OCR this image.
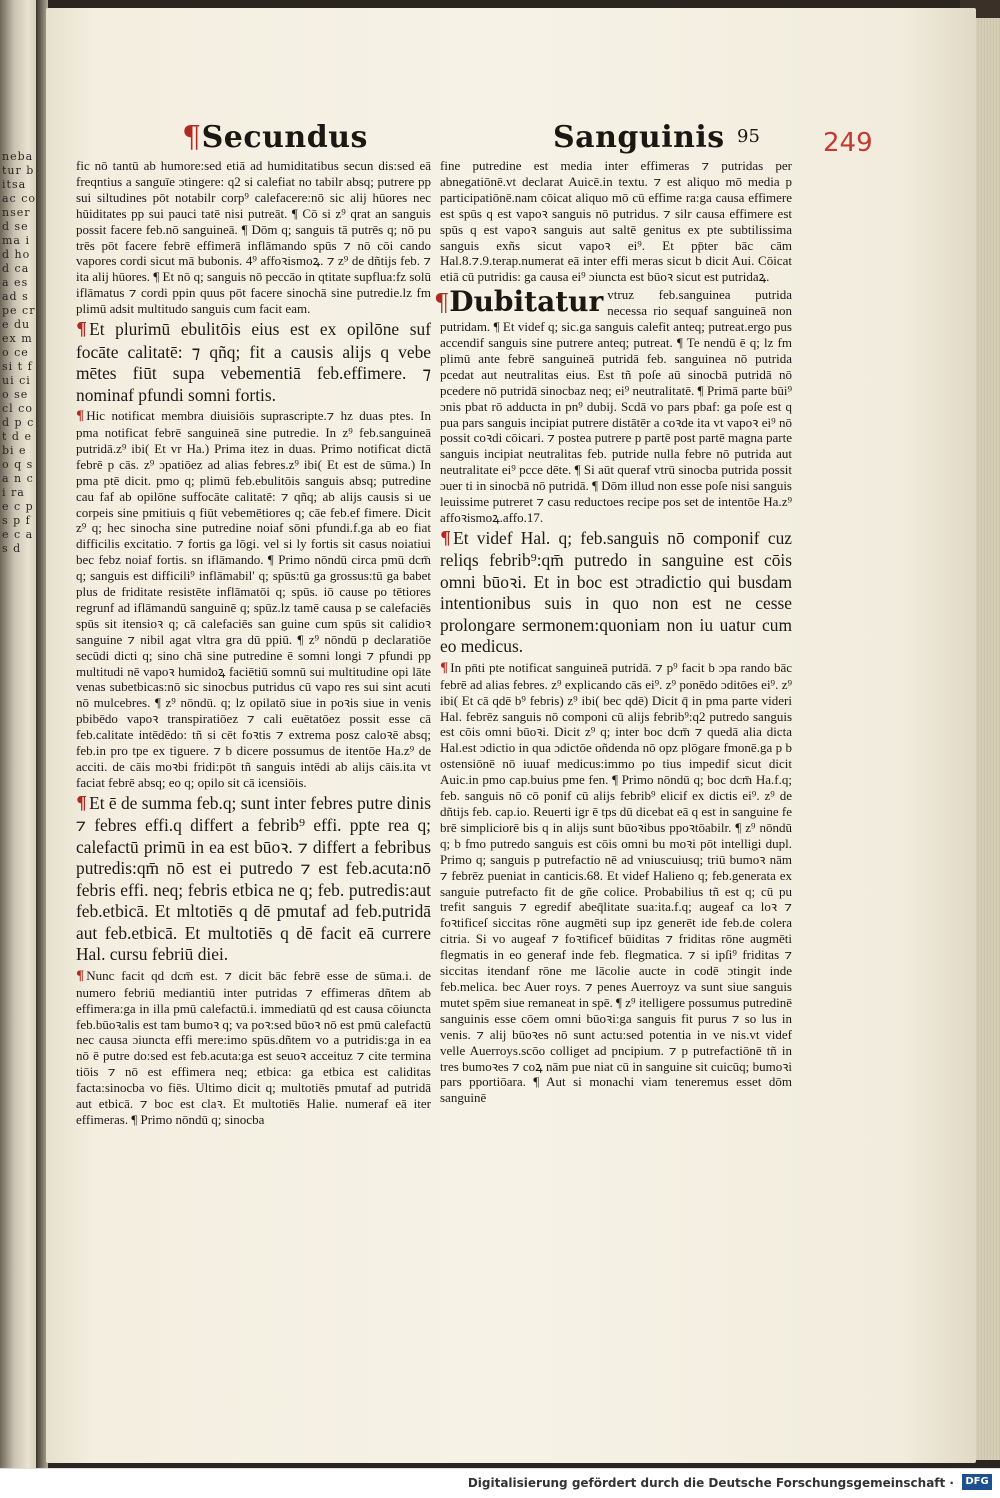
nebatur bitsa ac conser d se ma i d ho d ca a es ad spe cre du ex m o ce si t f ui ci o se cl co d p ct d e bi e o q s a n ci ra e c p s p fe c a s d
¶Secundus	Sanguinis 95 249
fic nō tantū ab humore:sed etiā ad humiditatibus secun dis:sed eā freqntius a sanguīe ɔtingere: q2 si calefiat no tabilr absq; putrere pp sui siltudines pōt notabilr corp⁹ calefacere:nō sic alij hūores nec hūiditates pp sui pauci tatē nisi putreāt. ¶ Cō si z⁹ qrat an sanguis possit facere feb.nō sanguineā. ¶ Dōm q; sanguis tā putrēs q; nō pu trēs pōt facere febrē effimerā inflāmando spūs ⁊ nō cōi cando vapores cordi sicut mā bubonis. 4⁹ affoꝛismoꝝ. ⁊ z⁹ de dñtijs feb. ⁊ ita alij hūores. ¶ Et nō q; sanguis nō peccāo in qtitate supflua:fz solū iflāmatus ⁊ cordi ppin quus pōt facere sinochā sine putredie.lz fm plimū adsit multitudo sanguis cum facit eam.
¶ Et plurimū ebulitōis eius est ex opilōne suf focāte calitatē: ⁊ qñq; fit a causis alijs q vebe mētes fiūt supa vebementiā feb.effimere. ⁊ nominaf pfundi somni fortis.
¶ Hic notificat membra diuisiōis suprascripte.⁊ hz duas ptes. In pma notificat febrē sanguineā sine putredie. In z⁹ feb.sanguineā putridā.z⁹ ibi( Et vr Ha.) Prima itez in duas. Primo notificat dictā febrē p cās. z⁹ ɔpatiōez ad alias febres.z⁹ ibi( Et est de sūma.) In pma ptē dicit. pmo q; plimū feb.ebulitōis sanguis absq; putredine cau faf ab opilōne suffocāte calitatē: ⁊ qñq; ab alijs causis si ue corpeis sine pmitiuis q fiūt vebemētiores q; cāe feb.ef fimere. Dicit z⁹ q; hec sinocha sine putredine noiaf sōni pfundi.f.ga ab eo fiat difficilis excitatio. ⁊ fortis ga lōgi. vel si ly fortis sit casus noiatiui bec febz noiaf fortis. sn iflāmando. ¶ Primo nōndū circa pmū dcm̄ q; sanguis est difficili⁹ inflāmabil' q; spūs:tū ga grossus:tū ga babet plus de friditate resistēte inflāmatōi q; spūs. iō cause po tētiores regrunf ad iflāmandū sanguinē q; spūz.lz tamē causa p se calefaciēs spūs sit itensioꝛ q; cā calefaciēs san guine cum spūs sit calidioꝛ sanguine ⁊ nibil agat vltra gra dū ppiū. ¶ z⁹ nōndū p declaratiōe secūdi dicti q; sino chā sine putredine ē somni longi ⁊ pfundi pp multitudi nē vapoꝛ humidoꝝ faciētiū somnū sui multitudine opi lāte venas subetbicas:nō sic sinocbus putridus cū vapo res sui sint acuti nō mulcebres. ¶ z⁹ nōndū. q; lz opilatō siue in poꝛis siue in venis pbibēdo vapoꝛ transpiratiōez ⁊ cali euētatōez possit esse cā feb.calitate intēdēdo: tñ si cēt foꝛtis ⁊ extrema posz caloꝛē absq; feb.in pro tpe ex tiguere. ⁊ b dicere possumus de itentōe Ha.z⁹ de acciti. de cāis moꝛbi fridi:pōt tñ sanguis intēdi ab alijs cāis.ita vt faciat febrē absq; eo q; opilo sit cā icensiōis.
¶ Et ē de summa feb.q; sunt inter febres putre dinis ⁊ febres effi.q differt a febrib⁹ effi. ppte rea q; calefactū primū in ea est būoꝛ. ⁊ differt a febribus putredis:qm̄ nō est ei putredo ⁊ est feb.acuta:nō febris effi. neq; febris etbica ne q; feb. putredis:aut feb.etbicā. Et mltotiēs q dē pmutaf ad feb.putridā aut feb.etbicā. Et multotiēs q dē facit eā currere Hal. cursu febriū diei.
¶ Nunc facit qd dcm̄ est. ⁊ dicit bāc febrē esse de sūma.i. de numero febriū mediantiū inter putridas ⁊ effimeras dñtem ab effimera:ga in illa pmū calefactū.i. immediatū qd est causa cōiuncta feb.būoꝛalis est tam bumoꝛ q; va poꝛ:sed būoꝛ nō est pmū calefactū nec causa ɔiuncta effi mere:imo spūs.dñtem vo a putridis:ga in ea nō ē putre do:sed est feb.acuta:ga est seuoꝛ acceituz ⁊ cite termina tiōis ⁊ nō est effimera neq; etbica: ga etbica est caliditas facta:sinocba vo fiēs. Ultimo dicit q; multotiēs pmutaf ad putridā aut etbicā. ⁊ boc est claꝛ. Et multotiēs Halie. numeraf eā iter effimeras. ¶ Primo nōndū q; sinocba
fine putredine est media inter effimeras ⁊ putridas per abnegatiōnē.vt declarat Auicē.in textu. ⁊ est aliquo mō media p participatiōnē.nam cōicat aliquo mō cū effime ra:ga causa effimere est spūs q est vapoꝛ sanguis nō putridus. ⁊ silr causa effimere est spūs q est vapoꝛ sanguis aut saltē genitus ex pte subtilissima sanguis exñs sicut vapoꝛ ei⁹. Et pp̄ter bāc cām Hal.8.⁊.9.terap.numerat eā inter effi meras sicut b dicit Aui. Cōicat etiā cū putridis: ga causa ei⁹ ɔiuncta est būoꝛ sicut est putridaꝝ.
¶Dubitatur vtruz feb.sanguinea putrida necessa rio sequaf sanguineā non putridam. ¶ Et videf q; sic.ga sanguis calefit anteq; putreat.ergo pus accendif sanguis sine putrere anteq; putreat. ¶ Te nendū ē q; lz fm plimū ante febrē sanguineā putridā feb. sanguinea nō putrida pcedat aut neutralitas eius. Est tñ poſe aū sinocbā putridā nō pcedere nō putridā sinocbaz neq; ei⁹ neutralitatē. ¶ Primā parte būi⁹ ɔnis pbat rō adducta in pn⁹ dubij. Scdā vo pars pbaf: ga poſe est q pua pars sanguis incipiat putrere distātēr a coꝛde ita vt vapoꝛ ei⁹ nō possit coꝛdi cōicari. ⁊ postea putrere p partē post partē magna parte sanguis incipiat neutralitas feb. putride nulla febre nō putrida aut neutralitate ei⁹ pcce dēte. ¶ Si aūt queraf vtrū sinocba putrida possit ɔuer ti in sinocbā nō putridā. ¶ Dōm illud non esse poſe nisi sanguis leuissime putreret ⁊ casu reductoes recipe pos set de intentōe Ha.z⁹ affoꝛismoꝝ.affo.17.
¶ Et videf Hal. q; feb.sanguis nō componif cuz reliqs febrib⁹:qm̄ putredo in sanguine est cōis omni būoꝛi. Et in boc est ɔtradictio qui busdam intentionibus suis in quo non est ne cesse prolongare sermonem:quoniam non iu uatur cum eo medicus.
¶ In pn̄ti pte notificat sanguineā putridā. ⁊ p⁹ facit b ɔpa rando bāc febrē ad alias febres. z⁹ explicando cās ei⁹. z⁹ ponēdo ɔditōes ei⁹. z⁹ ibi( Et cā qdē b⁹ febris) z⁹ ibi( bec qdē) Dicit q̄ in pma parte videri Hal. febrēz sanguis nō componi cū alijs febrib⁹:q2 putredo sanguis est cōis omni būoꝛi. Dicit z⁹ q; inter boc dcm̄ ⁊ quedā alia dicta Hal.est ɔdictio in qua ɔdictōe oñdenda nō opz plōgare fmonē.ga p b ostensiōnē nō iuuaf medicus:immo po tius impedif sicut dicit Auic.in pmo cap.buius pme fen. ¶ Primo nōndū q; boc dcm̄ Ha.f.q; feb. sanguis nō cō ponif cū alijs febrib⁹ elicif ex dictis ei⁹. z⁹ de dñtijs feb. cap.io. Reuerti igr ē tps dū dicebat eā q est in sanguine fe brē simpliciorē bis q in alijs sunt būoꝛibus ppoꝛtōabilr. ¶ z⁹ nōndū q; b fmo putredo sanguis est cōis omni bu moꝛi pōt intelligi dupl. Primo q; sanguis p putrefactio nē ad vniuscuiusq; triū bumoꝛ nām ⁊ febrēz pueniat in canticis.68. Et videf Halieno q; feb.generata ex sanguie putrefacto fit de gñe colice. Probabilius tñ est q; cū pu trefit sanguis ⁊ egredif abeq̄litate sua:ita.f.q; augeaf ca loꝛ ⁊ foꝛtificeſ siccitas rōne augmēti sup ipz generēt ide feb.de colera citria. Si vo augeaf ⁊ foꝛtificef būiditas ⁊ friditas rōne augmēti flegmatis in eo generaf inde feb. flegmatica. ⁊ si ipſi⁹ friditas ⁊ siccitas itendanf rōne me lācolie aucte in codē ɔtingit inde feb.melica. bec Auer roys. ⁊ penes Auerroyz va sunt siue sanguis mutet spēm siue remaneat in spē. ¶ z⁹ itelligere possumus putredinē sanguinis esse cōem omni būoꝛi:ga sanguis fit purus ⁊ so lus in venis. ⁊ alij būoꝛes nō sunt actu:sed potentia in ve nis.vt videf velle Auerroys.scōo colliget ad pncipium. ⁊ p putrefactiōnē tñ in tres bumoꝛes ⁊ coꝝ nām pue niat cū in sanguine sit cuicūq; bumoꝛi pars pportiōara. ¶ Aut si monachi viam teneremus esset dōm sanguinē
Digitalisierung gefördert durch die Deutsche Forschungsgemeinschaft ·	DFG
